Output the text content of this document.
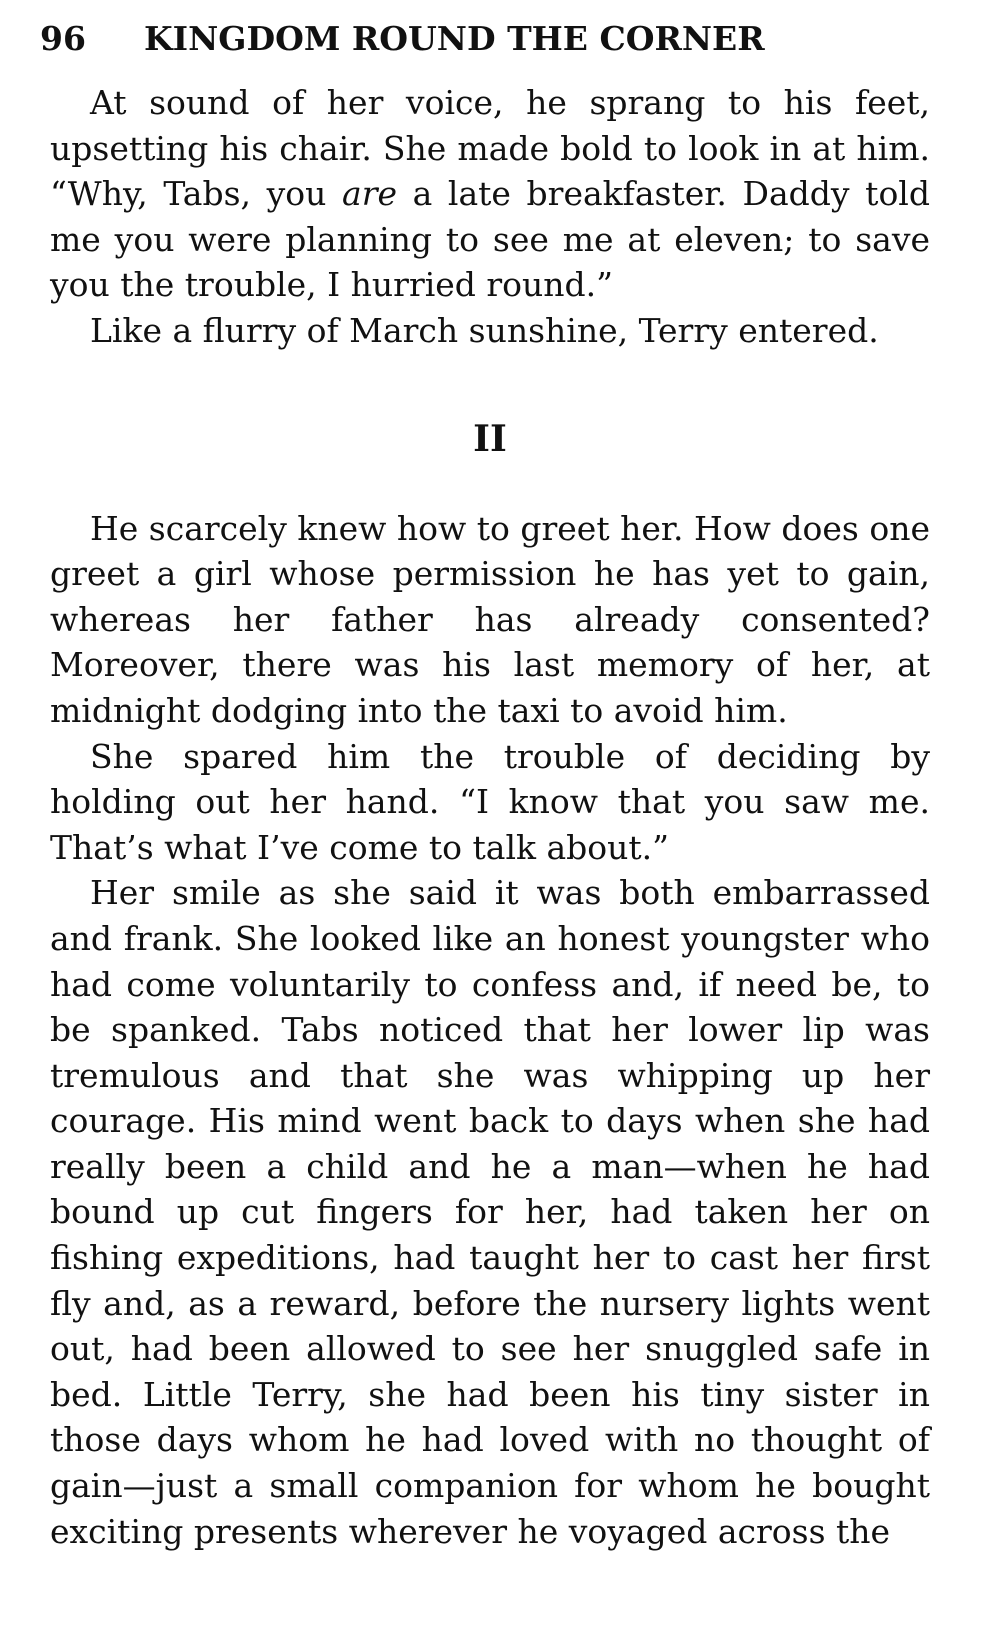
96 KINGDOM ROUND THE CORNER

At sound of her voice, he sprang to his feet, upsetting his chair. She made bold to look in at him. “Why, Tabs, you are a late breakfaster. Daddy told me you were planning to see me at eleven; to save you the trouble, I hurried round.”

Like a flurry of March sunshine, Terry entered.

II

He scarcely knew how to greet her. How does one greet a girl whose permission he has yet to gain, whereas her father has already consented? Moreover, there was his last memory of her, at midnight dodging into the taxi to avoid him.

She spared him the trouble of deciding by holding out her hand. “I know that you saw me. That’s what I’ve come to talk about.”

Her smile as she said it was both embarrassed and frank. She looked like an honest youngster who had come voluntarily to confess and, if need be, to be spanked. Tabs noticed that her lower lip was tremulous and that she was whipping up her courage. His mind went back to days when she had really been a child and he a man—when he had bound up cut fingers for her, had taken her on fishing expeditions, had taught her to cast her first fly and, as a reward, before the nursery lights went out, had been allowed to see her snuggled safe in bed. Little Terry, she had been his tiny sister in those days whom he had loved with no thought of gain—just a small companion for whom he bought exciting presents wherever he voyaged across the
